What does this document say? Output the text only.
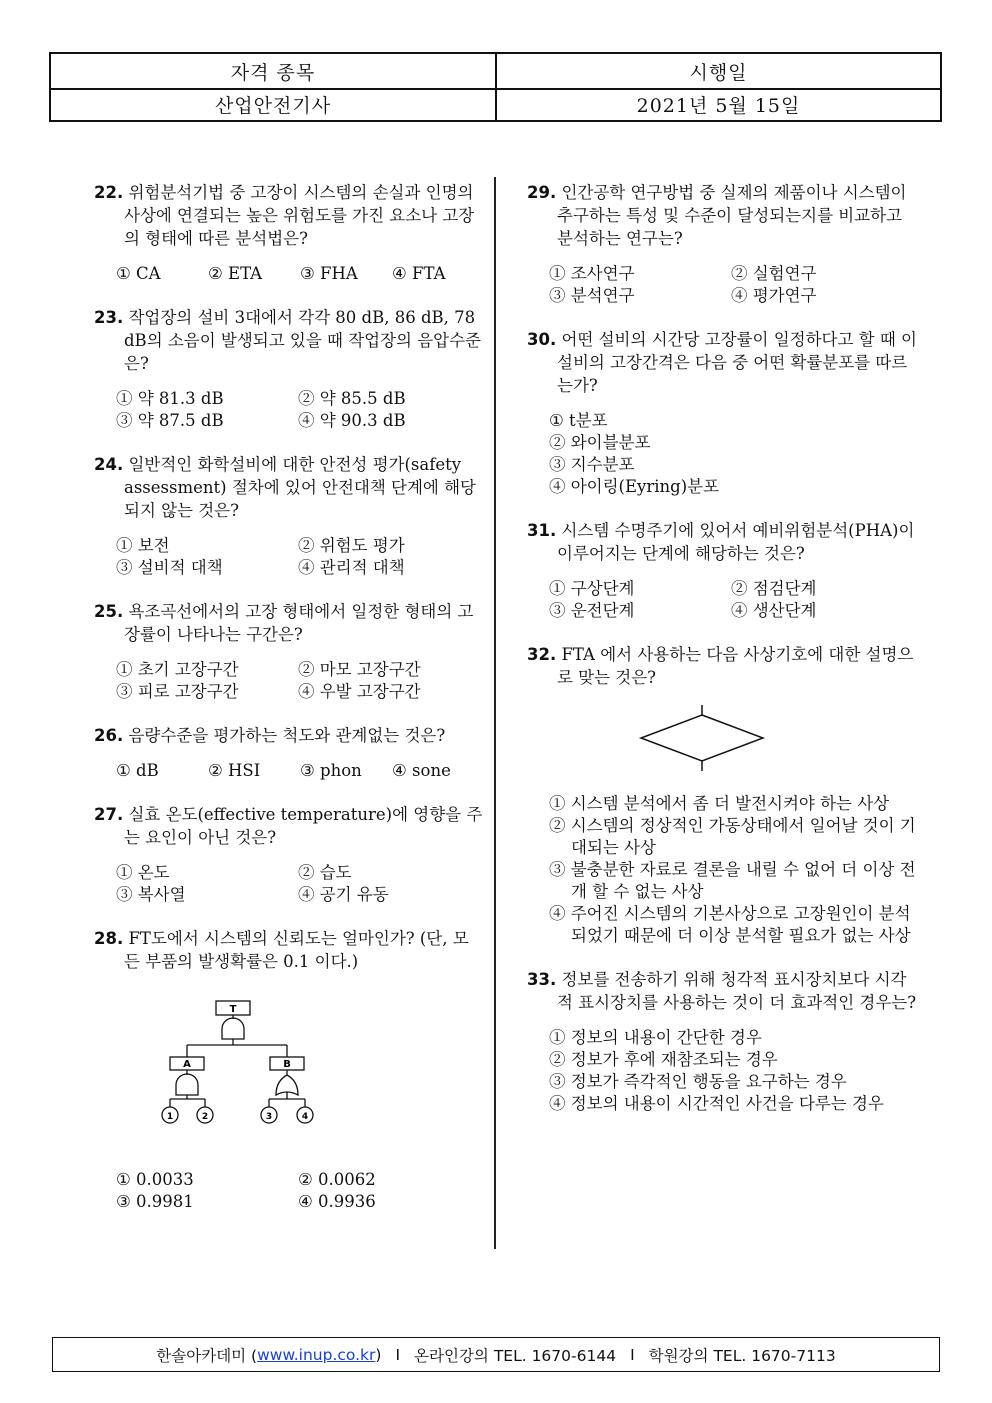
자격 종목	시행일
산업안전기사	2021년 5월 15일
22. 위험분석기법 중 고장이 시스템의 손실과 인명의 사상에 연결되는 높은 위험도를 가진 요소나 고장의 형태에 따른 분석법은?
① CA	② ETA	③ FHA	④ FTA
23. 작업장의 설비 3대에서 각각 80 dB, 86 dB, 78 dB의 소음이 발생되고 있을 때 작업장의 음압수준은?
① 약 81.3 dB	② 약 85.5 dB
③ 약 87.5 dB	④ 약 90.3 dB
24. 일반적인 화학설비에 대한 안전성 평가(safety assessment) 절차에 있어 안전대책 단계에 해당되지 않는 것은?
① 보전	② 위험도 평가
③ 설비적 대책	④ 관리적 대책
25. 욕조곡선에서의 고장 형태에서 일정한 형태의 고장률이 나타나는 구간은?
① 초기 고장구간	② 마모 고장구간
③ 피로 고장구간	④ 우발 고장구간
26. 음량수준을 평가하는 척도와 관계없는 것은?
① dB	② HSI	③ phon	④ sone
27. 실효 온도(effective temperature)에 영향을 주는 요인이 아닌 것은?
① 온도	② 습도
③ 복사열	④ 공기 유동
28. FT도에서 시스템의 신뢰도는 얼마인가? (단, 모든 부품의 발생확률은 0.1 이다.)
T
A	B
1	2	3	4
① 0.0033	② 0.0062
③ 0.9981	④ 0.9936
29. 인간공학 연구방법 중 실제의 제품이나 시스템이 추구하는 특성 및 수준이 달성되는지를 비교하고 분석하는 연구는?
① 조사연구	② 실험연구
③ 분석연구	④ 평가연구
30. 어떤 설비의 시간당 고장률이 일정하다고 할 때 이 설비의 고장간격은 다음 중 어떤 확률분포를 따르는가?
① t분포
② 와이블분포
③ 지수분포
④ 아이링(Eyring)분포
31. 시스템 수명주기에 있어서 예비위험분석(PHA)이 이루어지는 단계에 해당하는 것은?
① 구상단계	② 점검단계
③ 운전단계	④ 생산단계
32. FTA 에서 사용하는 다음 사상기호에 대한 설명으로 맞는 것은?
① 시스템 분석에서 좀 더 발전시켜야 하는 사상
② 시스템의 정상적인 가동상태에서 일어날 것이 기대되는 사상
③ 불충분한 자료로 결론을 내릴 수 없어 더 이상 전개 할 수 없는 사상
④ 주어진 시스템의 기본사상으로 고장원인이 분석되었기 때문에 더 이상 분석할 필요가 없는 사상
33. 정보를 전송하기 위해 청각적 표시장치보다 시각적 표시장치를 사용하는 것이 더 효과적인 경우는?
① 정보의 내용이 간단한 경우
② 정보가 후에 재참조되는 경우
③ 정보가 즉각적인 행동을 요구하는 경우
④ 정보의 내용이 시간적인 사건을 다루는 경우
한솔아카데미 ( www.inup.co.kr ) I 온라인강의 TEL. 1670-6144 I 학원강의 TEL. 1670-7113
